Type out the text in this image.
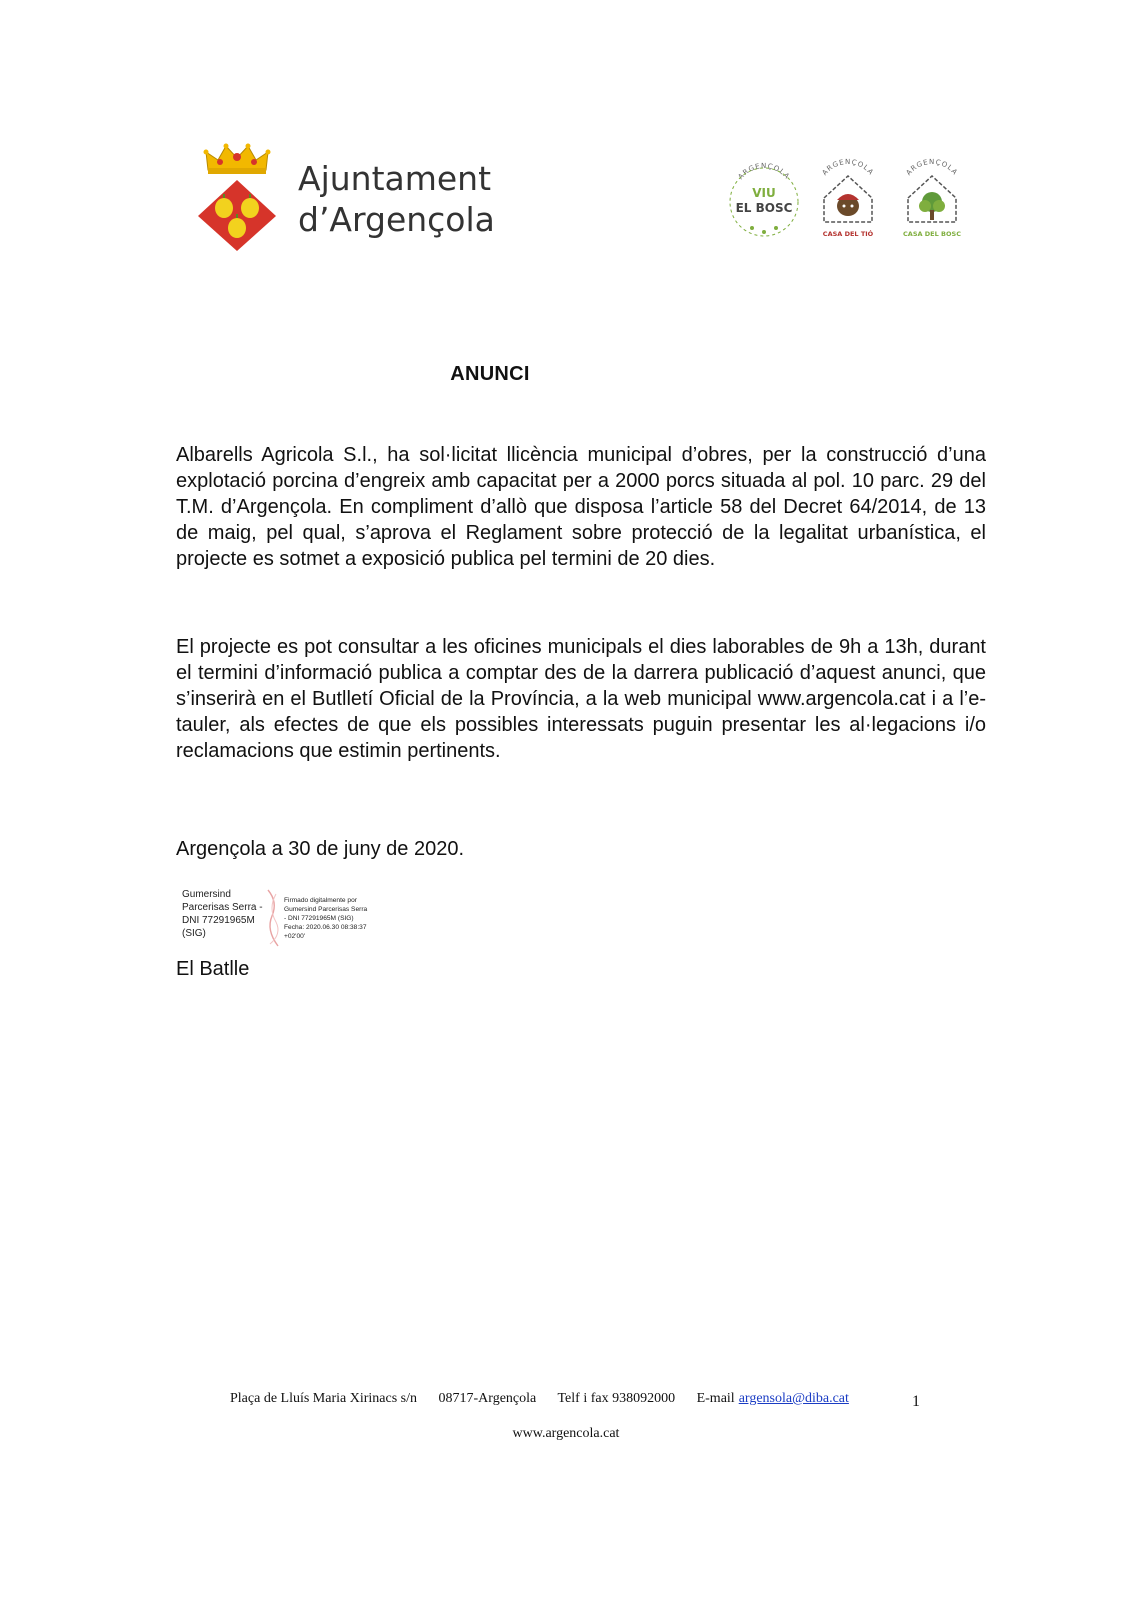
Ajuntament
d’Argençola
ARGENÇOLA
VIU
EL BOSC
ARGENÇOLA
CASA DEL TIÓ
ARGENÇOLA
CASA DEL BOSC
ANUNCI
Albarells Agricola S.l., ha sol·licitat llicència municipal d’obres, per la construcció d’una explotació porcina d’engreix amb capacitat per a 2000 porcs situada al pol. 10 parc. 29 del T.M. d’Argençola. En compliment d’allò que disposa l’article 58 del Decret 64/2014, de 13 de maig, pel qual, s’aprova el Reglament sobre protecció de la legalitat urbanística, el projecte es sotmet a exposició publica pel termini de 20 dies.
El projecte es pot consultar a les oficines municipals el dies laborables de 9h a 13h, durant el termini d’informació publica a comptar des de la darrera publicació d’aquest anunci, que s’inserirà en el Butlletí Oficial de la Província, a la web municipal www.argencola.cat i a l’e-tauler, als efectes de que els possibles interessats puguin presentar les al·legacions i/o reclamacions que estimin pertinents.
Argençola a 30 de juny de 2020.
Gumersind
Parcerisas Serra -
DNI 77291965M
(SIG)
Firmado digitalmente por
Gumersind Parcerisas Serra
- DNI 77291965M (SIG)
Fecha: 2020.06.30 08:38:37
+02'00'
El Batlle
Plaça de Lluís Maria Xirinacs s/n 08717-Argençola Telf i fax 938092000 E-mail argensola@diba.cat	1
www.argencola.cat
